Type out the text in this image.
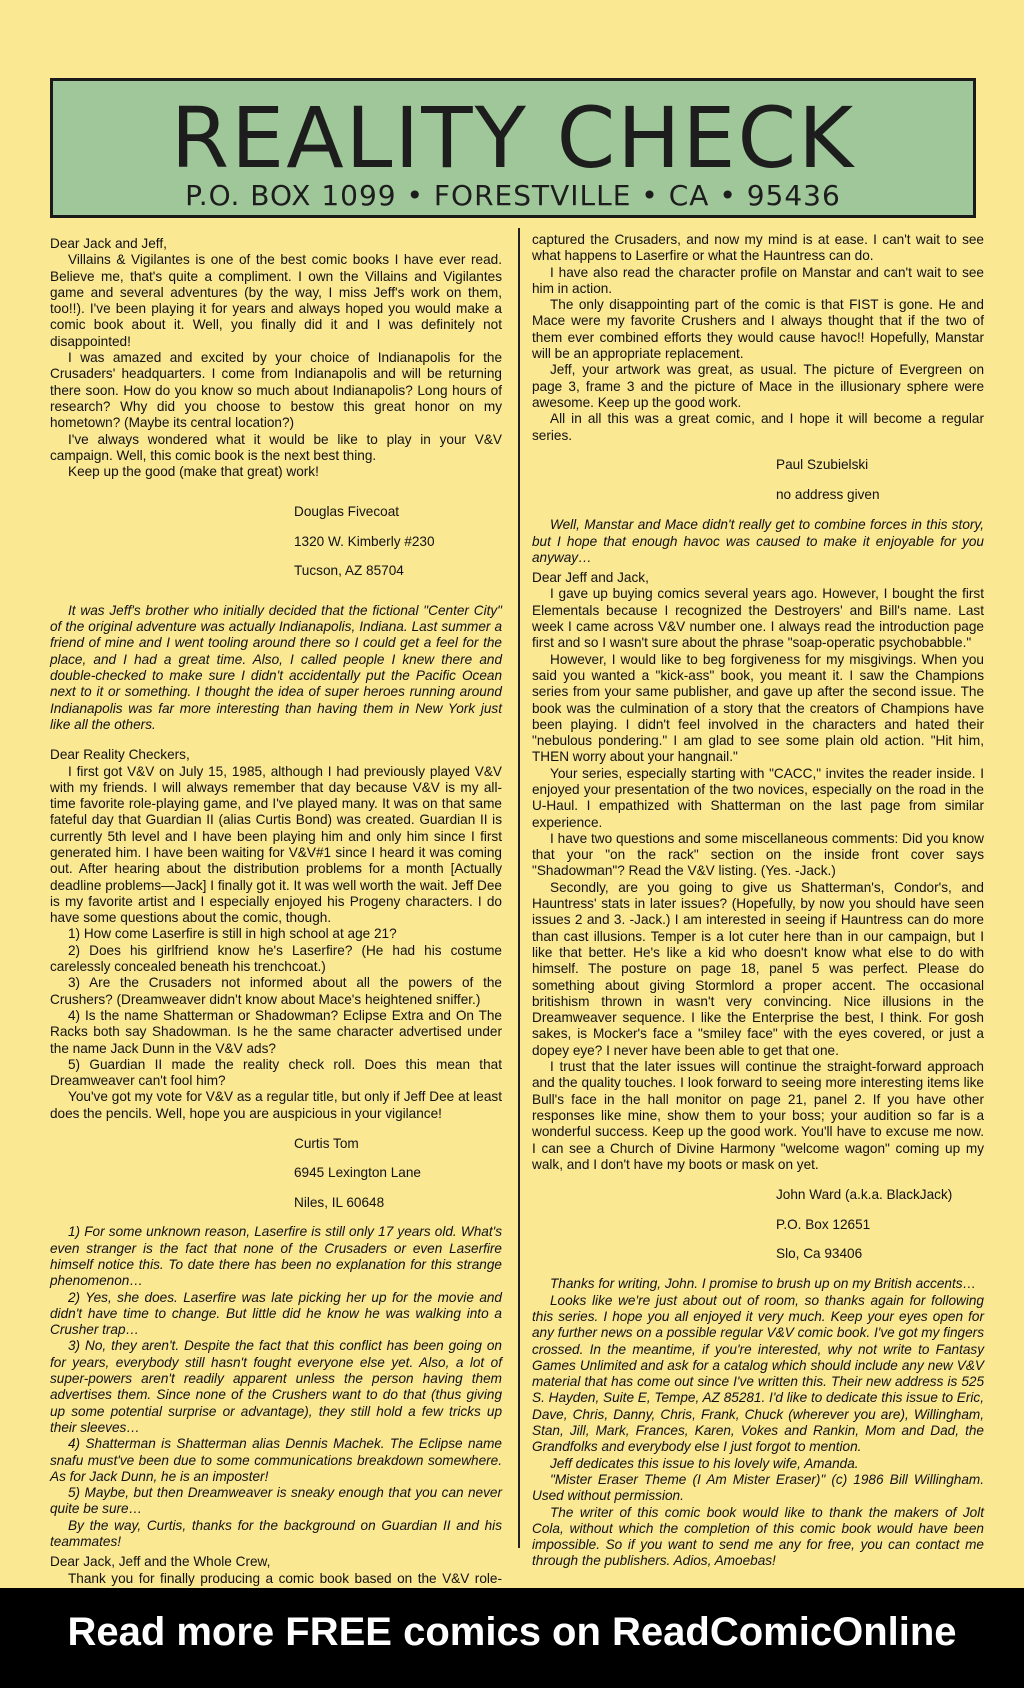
REALITY CHECK
P.O. BOX 1099 • FORESTVILLE • CA • 95436

Dear Jack and Jeff,

Villains & Vigilantes is one of the best comic books I have ever read. Believe me, that's quite a compliment. I own the Villains and Vigilantes game and several adventures (by the way, I miss Jeff's work on them, too!!). I've been playing it for years and always hoped you would make a comic book about it. Well, you finally did it and I was definitely not disappointed!

I was amazed and excited by your choice of Indianapolis for the Crusaders' headquarters. I come from Indianapolis and will be returning there soon. How do you know so much about Indianapolis? Long hours of research? Why did you choose to bestow this great honor on my hometown? (Maybe its central location?)

I've always wondered what it would be like to play in your V&V campaign. Well, this comic book is the next best thing.

Keep up the good (make that great) work!

Douglas Fivecoat

1320 W. Kimberly #230

Tucson, AZ 85704

It was Jeff's brother who initially decided that the fictional "Center City" of the original adventure was actually Indianapolis, Indiana. Last summer a friend of mine and I went tooling around there so I could get a feel for the place, and I had a great time. Also, I called people I knew there and double-checked to make sure I didn't accidentally put the Pacific Ocean next to it or something. I thought the idea of super heroes running around Indianapolis was far more interesting than having them in New York just like all the others.

Dear Reality Checkers,

I first got V&V on July 15, 1985, although I had previously played V&V with my friends. I will always remember that day because V&V is my all-time favorite role-playing game, and I've played many. It was on that same fateful day that Guardian II (alias Curtis Bond) was created. Guardian II is currently 5th level and I have been playing him and only him since I first generated him. I have been waiting for V&V#1 since I heard it was coming out. After hearing about the distribution problems for a month [Actually deadline problems—Jack] I finally got it. It was well worth the wait. Jeff Dee is my favorite artist and I especially enjoyed his Progeny characters. I do have some questions about the comic, though.

1) How come Laserfire is still in high school at age 21?

2) Does his girlfriend know he's Laserfire? (He had his costume carelessly concealed beneath his trenchcoat.)

3) Are the Crusaders not informed about all the powers of the Crushers? (Dreamweaver didn't know about Mace's heightened sniffer.)

4) Is the name Shatterman or Shadowman? Eclipse Extra and On The Racks both say Shadowman. Is he the same character advertised under the name Jack Dunn in the V&V ads?

5) Guardian II made the reality check roll. Does this mean that Dreamweaver can't fool him?

You've got my vote for V&V as a regular title, but only if Jeff Dee at least does the pencils. Well, hope you are auspicious in your vigilance!

Curtis Tom

6945 Lexington Lane

Niles, IL 60648

1) For some unknown reason, Laserfire is still only 17 years old. What's even stranger is the fact that none of the Crusaders or even Laserfire himself notice this. To date there has been no explanation for this strange phenomenon…

2) Yes, she does. Laserfire was late picking her up for the movie and didn't have time to change. But little did he know he was walking into a Crusher trap…

3) No, they aren't. Despite the fact that this conflict has been going on for years, everybody still hasn't fought everyone else yet. Also, a lot of super-powers aren't readily apparent unless the person having them advertises them. Since none of the Crushers want to do that (thus giving up some potential surprise or advantage), they still hold a few tricks up their sleeves…

4) Shatterman is Shatterman alias Dennis Machek. The Eclipse name snafu must've been due to some communications breakdown somewhere. As for Jack Dunn, he is an imposter!

5) Maybe, but then Dreamweaver is sneaky enough that you can never quite be sure…

By the way, Curtis, thanks for the background on Guardian II and his teammates!

Dear Jack, Jeff and the Whole Crew,

Thank you for finally producing a comic book based on the V&V role-

captured the Crusaders, and now my mind is at ease. I can't wait to see what happens to Laserfire or what the Hauntress can do.

I have also read the character profile on Manstar and can't wait to see him in action.

The only disappointing part of the comic is that FIST is gone. He and Mace were my favorite Crushers and I always thought that if the two of them ever combined efforts they would cause havoc!! Hopefully, Manstar will be an appropriate replacement.

Jeff, your artwork was great, as usual. The picture of Evergreen on page 3, frame 3 and the picture of Mace in the illusionary sphere were awesome. Keep up the good work.

All in all this was a great comic, and I hope it will become a regular series.

Paul Szubielski

no address given

Well, Manstar and Mace didn't really get to combine forces in this story, but I hope that enough havoc was caused to make it enjoyable for you anyway…

Dear Jeff and Jack,

I gave up buying comics several years ago. However, I bought the first Elementals because I recognized the Destroyers' and Bill's name. Last week I came across V&V number one. I always read the introduction page first and so I wasn't sure about the phrase "soap-operatic psychobabble."

However, I would like to beg forgiveness for my misgivings. When you said you wanted a "kick-ass" book, you meant it. I saw the Champions series from your same publisher, and gave up after the second issue. The book was the culmination of a story that the creators of Champions have been playing. I didn't feel involved in the characters and hated their "nebulous pondering." I am glad to see some plain old action. "Hit him, THEN worry about your hangnail."

Your series, especially starting with "CACC," invites the reader inside. I enjoyed your presentation of the two novices, especially on the road in the U-Haul. I empathized with Shatterman on the last page from similar experience.

I have two questions and some miscellaneous comments: Did you know that your "on the rack" section on the inside front cover says "Shadowman"? Read the V&V listing. (Yes. -Jack.)

Secondly, are you going to give us Shatterman's, Condor's, and Hauntress' stats in later issues? (Hopefully, by now you should have seen issues 2 and 3. -Jack.) I am interested in seeing if Hauntress can do more than cast illusions. Temper is a lot cuter here than in our campaign, but I like that better. He's like a kid who doesn't know what else to do with himself. The posture on page 18, panel 5 was perfect. Please do something about giving Stormlord a proper accent. The occasional britishism thrown in wasn't very convincing. Nice illusions in the Dreamweaver sequence. I like the Enterprise the best, I think. For gosh sakes, is Mocker's face a "smiley face" with the eyes covered, or just a dopey eye? I never have been able to get that one.

I trust that the later issues will continue the straight-forward approach and the quality touches. I look forward to seeing more interesting items like Bull's face in the hall monitor on page 21, panel 2. If you have other responses like mine, show them to your boss; your audition so far is a wonderful success. Keep up the good work. You'll have to excuse me now. I can see a Church of Divine Harmony "welcome wagon" coming up my walk, and I don't have my boots or mask on yet.

John Ward (a.k.a. BlackJack)

P.O. Box 12651

Slo, Ca 93406

Thanks for writing, John. I promise to brush up on my British accents…

Looks like we're just about out of room, so thanks again for following this series. I hope you all enjoyed it very much. Keep your eyes open for any further news on a possible regular V&V comic book. I've got my fingers crossed. In the meantime, if you're interested, why not write to Fantasy Games Unlimited and ask for a catalog which should include any new V&V material that has come out since I've written this. Their new address is 525 S. Hayden, Suite E, Tempe, AZ 85281. I'd like to dedicate this issue to Eric, Dave, Chris, Danny, Chris, Frank, Chuck (wherever you are), Willingham, Stan, Jill, Mark, Frances, Karen, Vokes and Rankin, Mom and Dad, the Grandfolks and everybody else I just forgot to mention.

Jeff dedicates this issue to his lovely wife, Amanda.

"Mister Eraser Theme (I Am Mister Eraser)" (c) 1986 Bill Willingham. Used without permission.

The writer of this comic book would like to thank the makers of Jolt Cola, without which the completion of this comic book would have been impossible. So if you want to send me any for free, you can contact me through the publishers. Adios, Amoebas!

Read more FREE comics on ReadComicOnline
